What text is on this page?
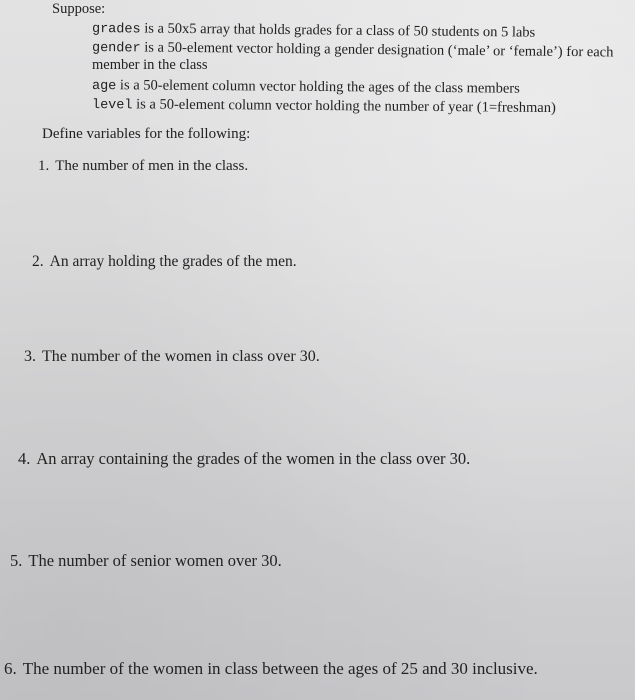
Suppose:
grades is a 50x5 array that holds grades for a class of 50 students on 5 labs
gender is a 50-element vector holding a gender designation (‘male’ or ‘female’) for each
member in the class
age is a 50-element column vector holding the ages of the class members
level is a 50-element column vector holding the number of year (1=freshman)
Define variables for the following:
1. The number of men in the class.
2. An array holding the grades of the men.
3. The number of the women in class over 30.
4. An array containing the grades of the women in the class over 30.
5. The number of senior women over 30.
6. The number of the women in class between the ages of 25 and 30 inclusive.
